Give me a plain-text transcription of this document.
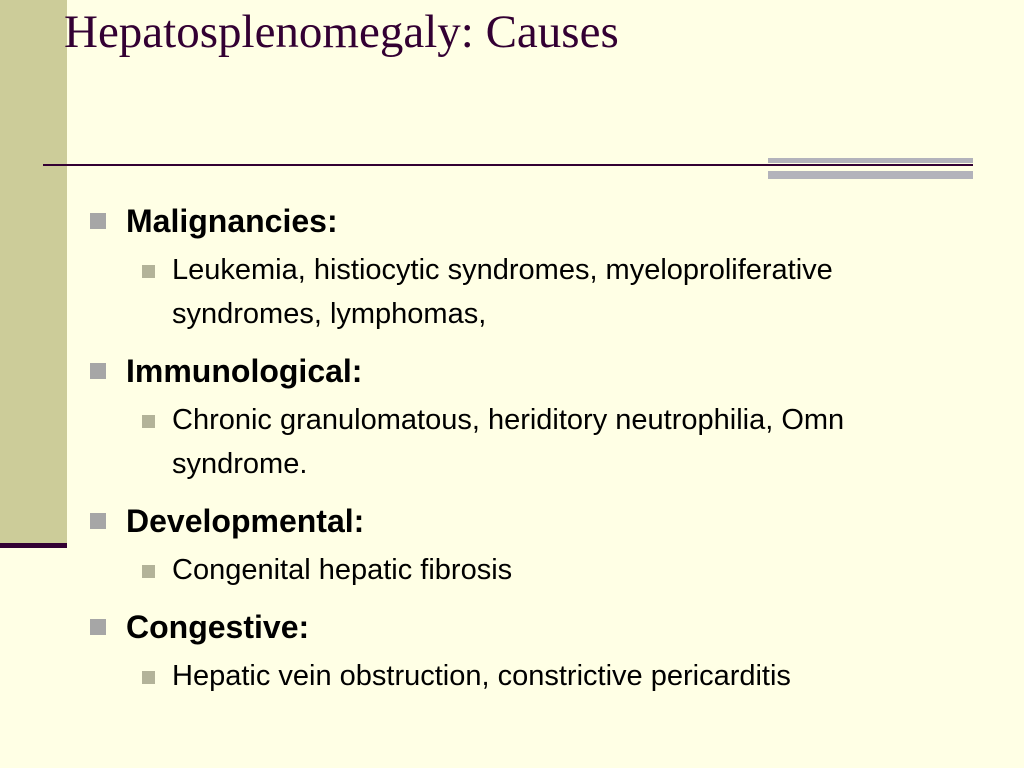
Hepatosplenomegaly: Causes
Malignancies:
Leukemia, histiocytic syndromes, myeloproliferative
syndromes, lymphomas,
Immunological:
Chronic granulomatous, heriditory neutrophilia, Omn
syndrome.
Developmental:
Congenital hepatic fibrosis
Congestive:
Hepatic vein obstruction, constrictive pericarditis
